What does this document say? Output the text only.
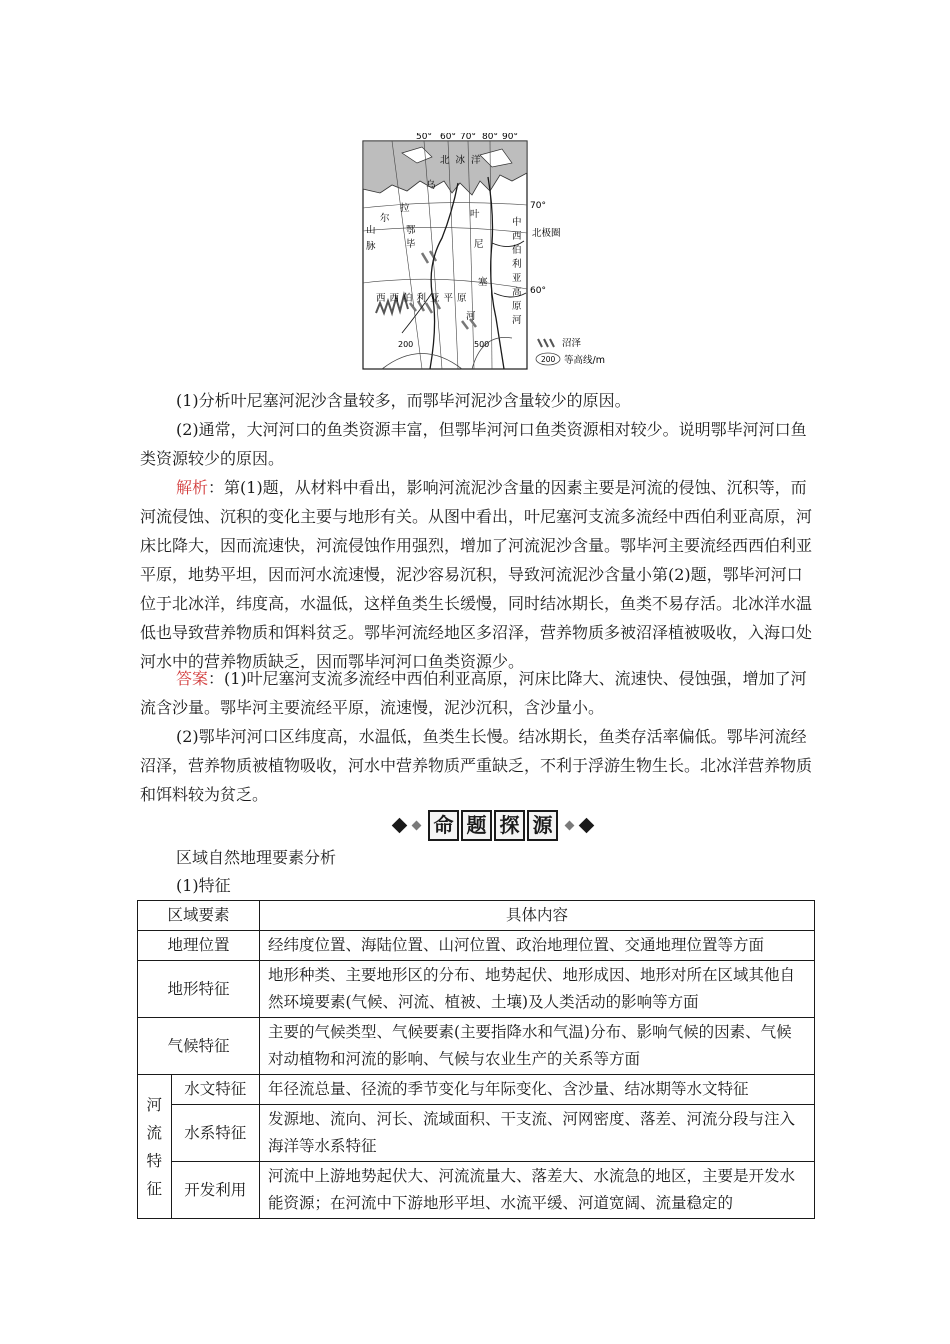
50° 60° 70° 80° 90°
70°
60°
北极圈
北冰洋
乌
拉
尔
山
脉
鄂
毕
河
叶
尼
塞
河
中
西
伯
利
亚
高
原
西西伯利亚平原
200	500	沼泽
200 等高线/m

(1)分析叶尼塞河泥沙含量较多，而鄂毕河泥沙含量较少的原因。

(2)通常，大河河口的鱼类资源丰富，但鄂毕河河口鱼类资源相对较少。说明鄂毕河河口鱼类资源较少的原因。

解析：第(1)题，从材料中看出，影响河流泥沙含量的因素主要是河流的侵蚀、沉积等，而河流侵蚀、沉积的变化主要与地形有关。从图中看出，叶尼塞河支流多流经中西伯利亚高原，河床比降大，因而流速快，河流侵蚀作用强烈，增加了河流泥沙含量。鄂毕河主要流经西西伯利亚平原，地势平坦，因而河水流速慢，泥沙容易沉积，导致河流泥沙含量小第(2)题，鄂毕河河口位于北冰洋，纬度高，水温低，这样鱼类生长缓慢，同时结冰期长，鱼类不易存活。北冰洋水温低也导致营养物质和饵料贫乏。鄂毕河流经地区多沼泽，营养物质多被沼泽植被吸收，入海口处河水中的营养物质缺乏，因而鄂毕河河口鱼类资源少。

答案：(1)叶尼塞河支流多流经中西伯利亚高原，河床比降大、流速快、侵蚀强，增加了河流含沙量。鄂毕河主要流经平原，流速慢，泥沙沉积，含沙量小。

(2)鄂毕河河口区纬度高，水温低，鱼类生长慢。结冰期长，鱼类存活率偏低。鄂毕河流经沼泽，营养物质被植物吸收，河水中营养物质严重缺乏，不利于浮游生物生长。北冰洋营养物质和饵料较为贫乏。

命 题 探 源

区域自然地理要素分析

(1)特征

区域要素		具体内容
地理位置		经纬度位置、海陆位置、山河位置、政治地理位置、交通地理位置等方面
地形特征		地形种类、主要地形区的分布、地势起伏、地形成因、地形对所在区域其他自然环境要素(气候、河流、植被、土壤)及人类活动的影响等方面
气候特征		主要的气候类型、气候要素(主要指降水和气温)分布、影响气候的因素、气候对动植物和河流的影响、气候与农业生产的关系等方面

河
流
特
征	水文特征	年径流总量、径流的季节变化与年际变化、含沙量、结冰期等水文特征
	水系特征	发源地、流向、河长、流域面积、干支流、河网密度、落差、河流分段与注入海洋等水系特征
	开发利用	河流中上游地势起伏大、河流流量大、落差大、水流急的地区，主要是开发水能资源；在河流中下游地形平坦、水流平缓、河道宽阔、流量稳定的
